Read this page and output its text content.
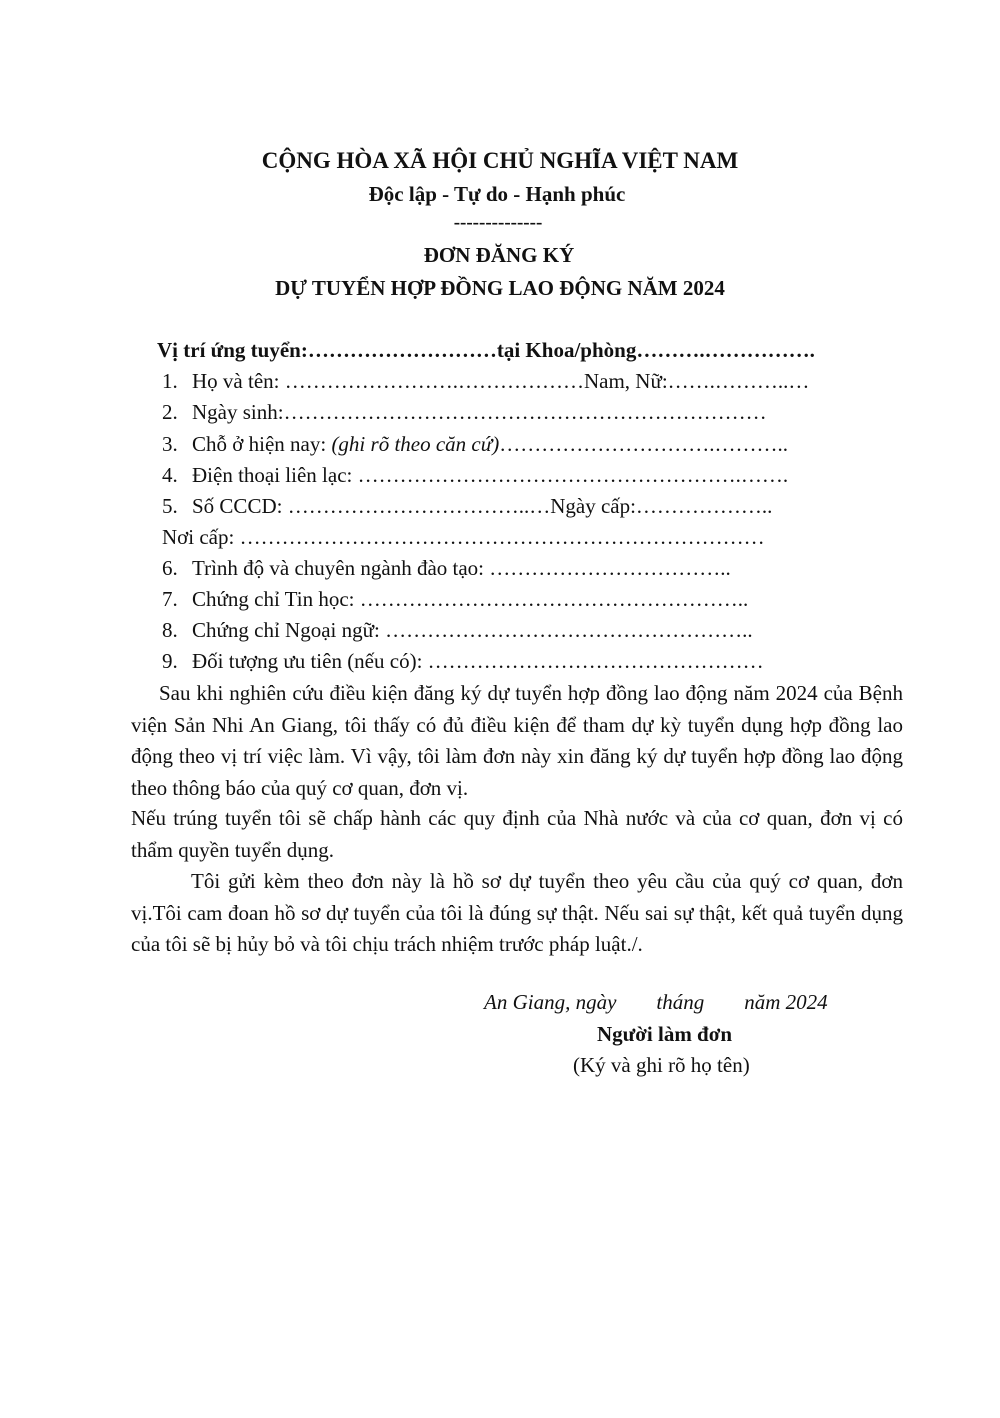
CỘNG HÒA XÃ HỘI CHỦ NGHĨA VIỆT NAM
Độc lập - Tự do - Hạnh phúc
--------------
ĐƠN ĐĂNG KÝ
DỰ TUYỂN HỢP ĐỒNG LAO ĐỘNG NĂM 2024
Vị trí ứng tuyển:………………………tại Khoa/phòng……….…………….
1. Họ và tên: …………………….………………Nam, Nữ:…….………..…
2. Ngày sinh:……………………………………………………………
3. Chỗ ở hiện nay: (ghi rõ theo căn cứ)………………………….………..
4. Điện thoại liên lạc: ……………………………………………….…….
5. Số CCCD: ……………………………..…Ngày cấp:………………..
Nơi cấp: …………………………………………………………………
6. Trình độ và chuyên ngành đào tạo: ……………………………..
7. Chứng chỉ Tin học: ………………………………………………..
8. Chứng chỉ Ngoại ngữ: ……………………………………………..
9. Đối tượng ưu tiên (nếu có): …………………………………………
Sau khi nghiên cứu điều kiện đăng ký dự tuyển hợp đồng lao động năm 2024 của Bệnh viện Sản Nhi An Giang, tôi thấy có đủ điều kiện để tham dự kỳ tuyển dụng hợp đồng lao động theo vị trí việc làm. Vì vậy, tôi làm đơn này xin đăng ký dự tuyển hợp đồng lao động theo thông báo của quý cơ quan, đơn vị.
Nếu trúng tuyển tôi sẽ chấp hành các quy định của Nhà nước và của cơ quan, đơn vị có thẩm quyền tuyển dụng.
Tôi gửi kèm theo đơn này là hồ sơ dự tuyển theo yêu cầu của quý cơ quan, đơn vị.Tôi cam đoan hồ sơ dự tuyển của tôi là đúng sự thật. Nếu sai sự thật, kết quả tuyển dụng của tôi sẽ bị hủy bỏ và tôi chịu trách nhiệm trước pháp luật./.
An Giang, ngày tháng năm 2024
Người làm đơn
(Ký và ghi rõ họ tên)
